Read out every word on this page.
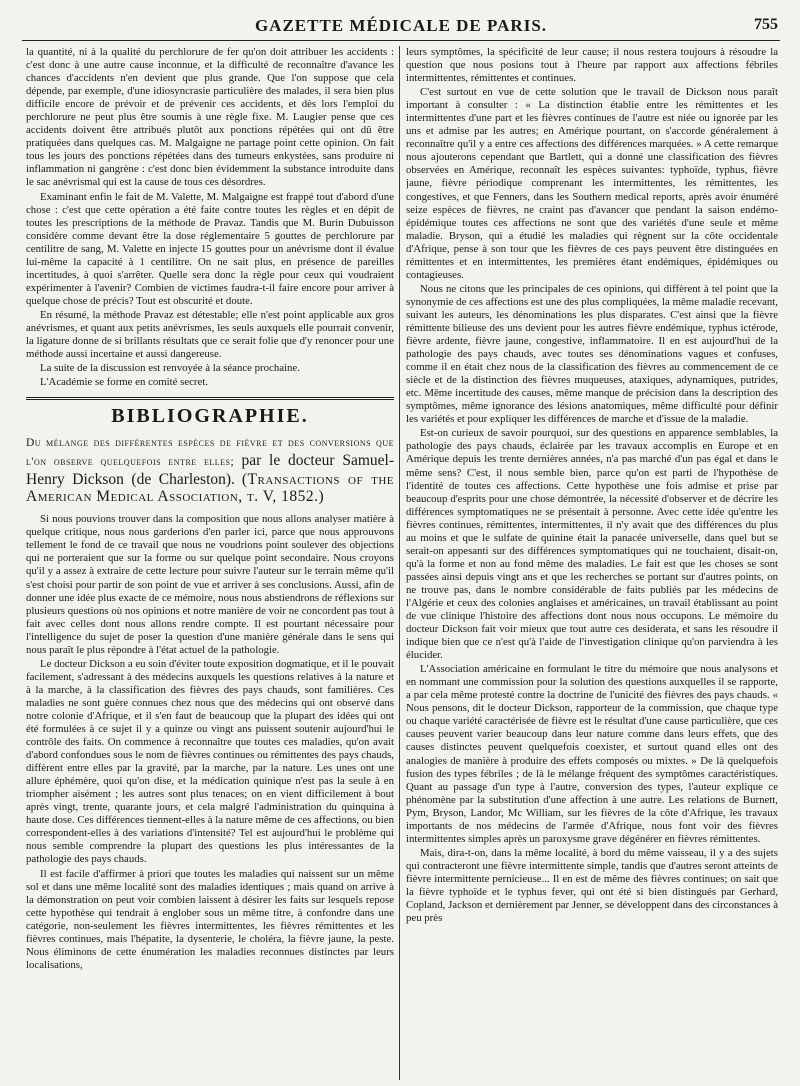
GAZETTE MÉDICALE DE PARIS.	755

la quantité, ni à la qualité du perchlorure de fer qu'on doit attribuer les accidents : c'est donc à une autre cause inconnue, et la difficulté de reconnaître d'avance les chances d'accidents n'en devient que plus grande. Que l'on suppose que cela dépende, par exemple, d'une idiosyncrasie particulière des malades, il sera bien plus difficile encore de prévoir et de prévenir ces accidents, et dès lors l'emploi du perchlorure ne peut plus être soumis à une règle fixe. M. Laugier pense que ces accidents doivent être attribués plutôt aux ponctions répétées qui ont dû être pratiquées dans quelques cas. M. Malgaigne ne partage point cette opinion. On fait tous les jours des ponctions répétées dans des tumeurs enkystées, sans produire ni inflammation ni gangrène : c'est donc bien évidemment la substance introduite dans le sac anévrismal qui est la cause de tous ces désordres.

Examinant enfin le fait de M. Valette, M. Malgaigne est frappé tout d'abord d'une chose : c'est que cette opération a été faite contre toutes les règles et en dépit de toutes les prescriptions de la méthode de Pravaz. Tandis que M. Burin Dubuisson considère comme devant être la dose réglementaire 5 gouttes de perchlorure par centilitre de sang, M. Valette en injecte 15 gouttes pour un anévrisme dont il évalue lui-même la capacité à 1 centilitre. On ne sait plus, en présence de pareilles incertitudes, à quoi s'arrêter. Quelle sera donc la règle pour ceux qui voudraient expérimenter à l'avenir? Combien de victimes faudra-t-il faire encore pour arriver à quelque chose de précis? Tout est obscurité et doute.

En résumé, la méthode Pravaz est détestable; elle n'est point applicable aux gros anévrismes, et quant aux petits anévrismes, les seuls auxquels elle pourrait convenir, la ligature donne de si brillants résultats que ce serait folie que d'y renoncer pour une méthode aussi incertaine et aussi dangereuse.

La suite de la discussion est renvoyée à la séance prochaine.

L'Académie se forme en comité secret.

BIBLIOGRAPHIE.
Du mélange des différentes espèces de fièvre et des conversions que l'on observe quelquefois entre elles; par le docteur Samuel-Henry Dickson (de Charleston). (Transactions of the American Medical Association, t. V, 1852.)

Si nous pouvions trouver dans la composition que nous allons analyser matière à quelque critique, nous nous garderions d'en parler ici, parce que nous approuvons tellement le fond de ce travail que nous ne voudrions point soulever des objections qui ne porteraient que sur la forme ou sur quelque point secondaire. Nous croyons qu'il y a assez à extraire de cette lecture pour suivre l'auteur sur le terrain même qu'il s'est choisi pour partir de son point de vue et arriver à ses conclusions. Aussi, afin de donner une idée plus exacte de ce mémoire, nous nous abstiendrons de réflexions sur plusieurs questions où nos opinions et notre manière de voir ne concordent pas tout à fait avec celles dont nous allons rendre compte. Il est pourtant nécessaire pour l'intelligence du sujet de poser la question d'une manière générale dans le sens qui nous paraît le plus répondre à l'état actuel de la pathologie.

Le docteur Dickson a eu soin d'éviter toute exposition dogmatique, et il le pouvait facilement, s'adressant à des médecins auxquels les questions relatives à la nature et à la marche, à la classification des fièvres des pays chauds, sont familières. Ces maladies ne sont guère connues chez nous que des médecins qui ont observé dans notre colonie d'Afrique, et il s'en faut de beaucoup que la plupart des idées qui ont été formulées à ce sujet il y a quinze ou vingt ans puissent soutenir aujourd'hui le contrôle des faits. On commence à reconnaître que toutes ces maladies, qu'on avait d'abord confondues sous le nom de fièvres continues ou rémittentes des pays chauds, diffèrent entre elles par la gravité, par la marche, par la nature. Les unes ont une allure éphémère, quoi qu'on dise, et la médication quinique n'est pas la seule à en triompher aisément ; les autres sont plus tenaces; on en vient difficilement à bout après vingt, trente, quarante jours, et cela malgré l'administration du quinquina à haute dose. Ces différences tiennent-elles à la nature même de ces affections, ou bien correspondent-elles à des variations d'intensité? Tel est aujourd'hui le problème qui nous semble comprendre la plupart des questions les plus intéressantes de la pathologie des pays chauds.

Il est facile d'affirmer à priori que toutes les maladies qui naissent sur un même sol et dans une même localité sont des maladies identiques ; mais quand on arrive à la démonstration on peut voir combien laissent à désirer les faits sur lesquels repose cette hypothèse qui tendrait à englober sous un même titre, à confondre dans une catégorie, non-seulement les fièvres intermittentes, les fièvres rémittentes et les fièvres continues, mais l'hépatite, la dysenterie, le choléra, la fièvre jaune, la peste. Nous éliminons de cette énumération les maladies reconnues distinctes par leurs localisations,

leurs symptômes, la spécificité de leur cause; il nous restera toujours à résoudre la question que nous posions tout à l'heure par rapport aux affections fébriles intermittentes, rémittentes et continues.

C'est surtout en vue de cette solution que le travail de Dickson nous paraît important à consulter : « La distinction établie entre les rémittentes et les intermittentes d'une part et les fièvres continues de l'autre est niée ou ignorée par les uns et admise par les autres; en Amérique pourtant, on s'accorde généralement à reconnaître qu'il y a entre ces affections des différences marquées. » A cette remarque nous ajouterons cependant que Bartlett, qui a donné une classification des fièvres observées en Amérique, reconnaît les espèces suivantes: typhoïde, typhus, fièvre jaune, fièvre périodique comprenant les intermittentes, les rémittentes, les congestives, et que Fenners, dans les Southern medical reports, après avoir énuméré seize espèces de fièvres, ne craint pas d'avancer que pendant la saison endémo-épidémique toutes ces affections ne sont que des variétés d'une seule et même maladie. Bryson, qui a étudié les maladies qui règnent sur la côte occidentale d'Afrique, pense à son tour que les fièvres de ces pays peuvent être distinguées en rémittentes et en intermittentes, les premières étant endémiques, épidémiques ou contagieuses.

Nous ne citons que les principales de ces opinions, qui diffèrent à tel point que la synonymie de ces affections est une des plus compliquées, la même maladie recevant, suivant les auteurs, les dénominations les plus disparates. C'est ainsi que la fièvre rémittente bilieuse des uns devient pour les autres fièvre endémique, typhus ictérode, fièvre ardente, fièvre jaune, congestive, inflammatoire. Il en est aujourd'hui de la pathologie des pays chauds, avec toutes ses dénominations vagues et confuses, comme il en était chez nous de la classification des fièvres au commencement de ce siècle et de la distinction des fièvres muqueuses, ataxiques, adynamiques, putrides, etc. Même incertitude des causes, même manque de précision dans la description des symptômes, même ignorance des lésions anatomiques, même difficulté pour définir les variétés et pour expliquer les différences de marche et d'issue de la maladie.

Est-on curieux de savoir pourquoi, sur des questions en apparence semblables, la pathologie des pays chauds, éclairée par les travaux accomplis en Europe et en Amérique depuis les trente dernières années, n'a pas marché d'un pas égal et dans le même sens? C'est, il nous semble bien, parce qu'on est parti de l'hypothèse de l'identité de toutes ces affections. Cette hypothèse une fois admise et prise par beaucoup d'esprits pour une chose démontrée, la nécessité d'observer et de décrire les différences symptomatiques ne se présentait à personne. Avec cette idée qu'entre les fièvres continues, rémittentes, intermittentes, il n'y avait que des différences du plus au moins et que le sulfate de quinine était la panacée universelle, dans quel but se serait-on appesanti sur des différences symptomatiques qui ne touchaient, disait-on, qu'à la forme et non au fond même des maladies. Le fait est que les choses se sont passées ainsi depuis vingt ans et que les recherches se portant sur d'autres points, on ne trouve pas, dans le nombre considérable de faits publiés par les médecins de l'Algérie et ceux des colonies anglaises et américaines, un travail établissant au point de vue clinique l'histoire des affections dont nous nous occupons. Le mémoire du docteur Dickson fait voir mieux que tout autre ces desiderata, et sans les résoudre il indique bien que ce n'est qu'à l'aide de l'investigation clinique qu'on parviendra à les élucider.

L'Association américaine en formulant le titre du mémoire que nous analysons et en nommant une commission pour la solution des questions auxquelles il se rapporte, a par cela même protesté contre la doctrine de l'unicité des fièvres des pays chauds. « Nous pensons, dit le docteur Dickson, rapporteur de la commission, que chaque type ou chaque variété caractérisée de fièvre est le résultat d'une cause particulière, que ces causes peuvent varier beaucoup dans leur nature comme dans leurs effets, que des causes distinctes peuvent quelquefois coexister, et surtout quand elles ont des analogies de manière à produire des effets composés ou mixtes. » De là quelquefois fusion des types fébriles ; de là le mélange fréquent des symptômes caractéristiques. Quant au passage d'un type à l'autre, conversion des types, l'auteur explique ce phénomène par la substitution d'une affection à une autre. Les relations de Burnett, Pym, Bryson, Landor, Mc William, sur les fièvres de la côte d'Afrique, les travaux importants de nos médecins de l'armée d'Afrique, nous font voir des fièvres intermittentes simples après un paroxysme grave dégénérer en fièvres rémittentes.

Mais, dira-t-on, dans la même localité, à bord du même vaisseau, il y a des sujets qui contracteront une fièvre intermittente simple, tandis que d'autres seront atteints de fièvre intermittente pernicieuse... Il en est de même des fièvres continues; on sait que la fièvre typhoïde et le typhus fever, qui ont été si bien distingués par Gerhard, Copland, Jackson et dernièrement par Jenner, se développent dans des circonstances à peu près
